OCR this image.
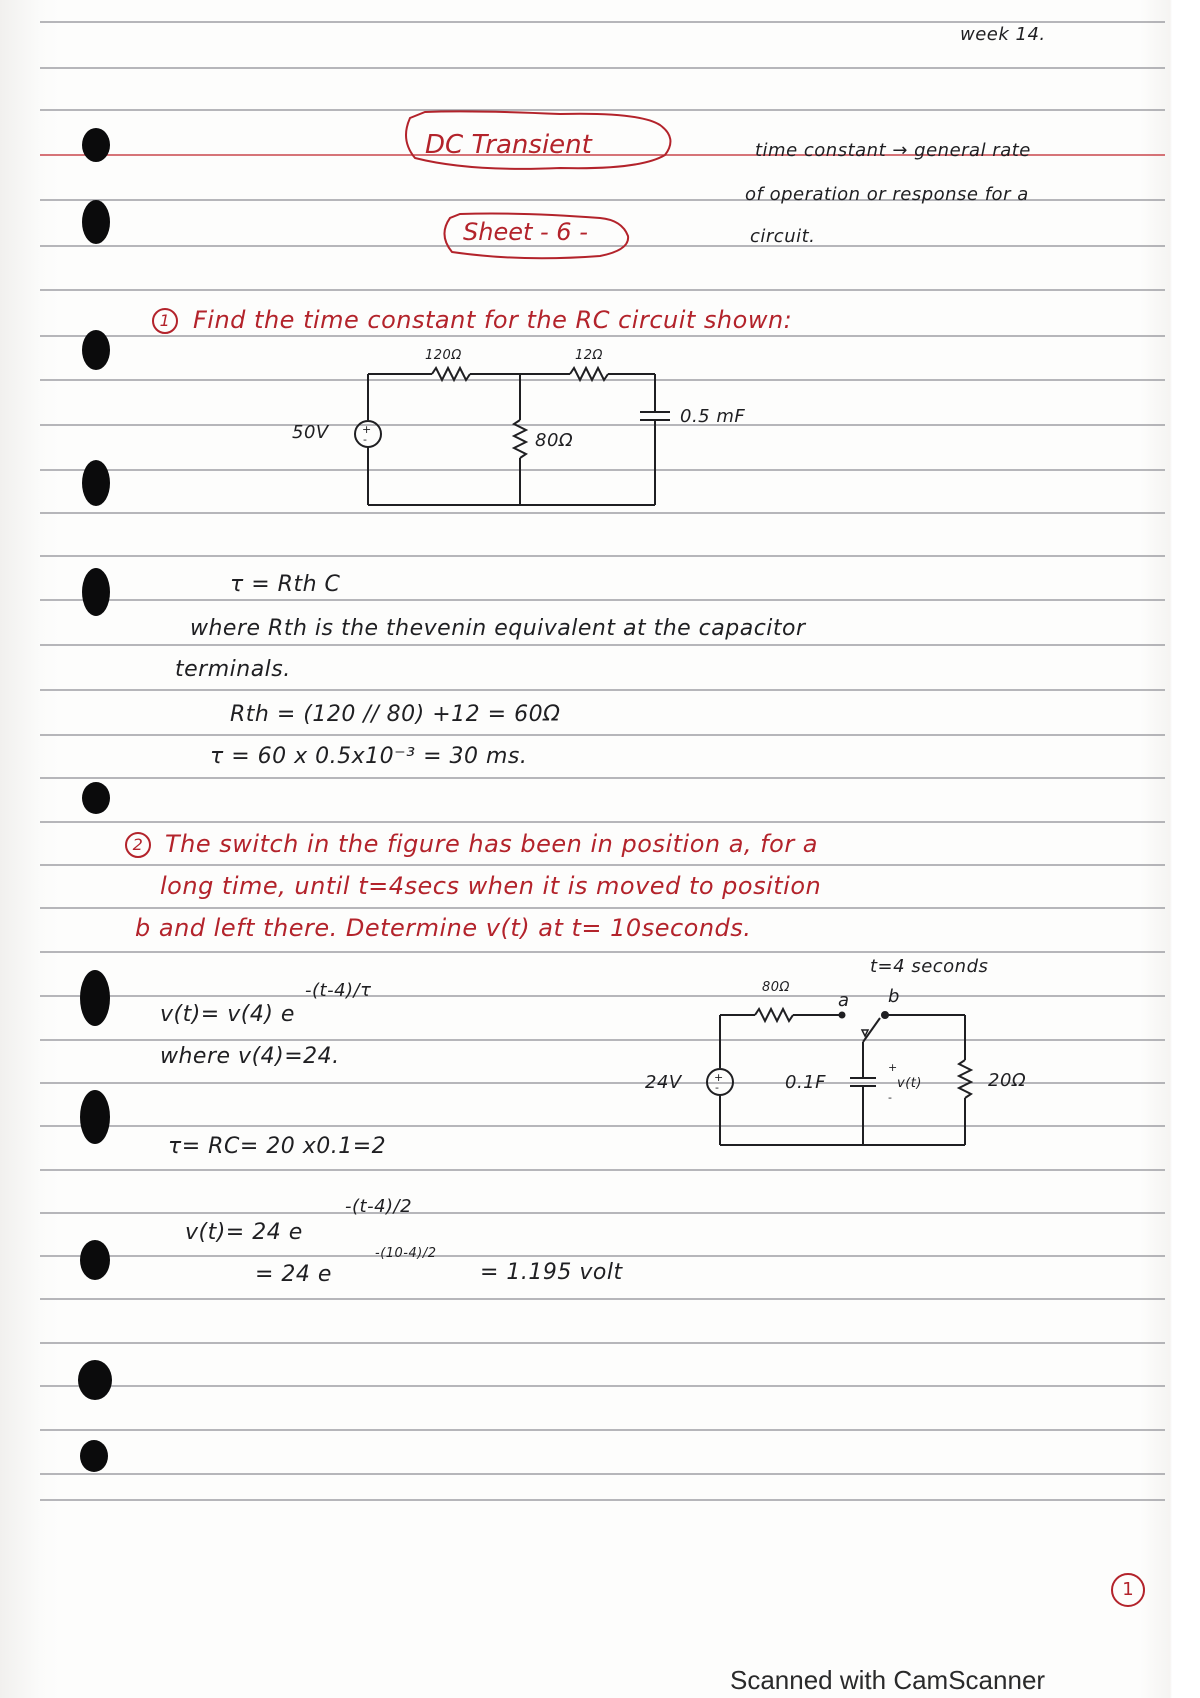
week 14.
DC Transient
Sheet - 6 -
time constant → general rate
of operation or response for a
circuit.
1 Find the time constant for the RC circuit shown:
+
-
120Ω	12Ω
50V	80Ω
0.5 mF
τ = Rth C
where Rth is the thevenin equivalent at the capacitor
terminals.
Rth = (120 // 80) +12 = 60Ω
τ = 60 x 0.5x10⁻³ = 30 ms.
2 The switch in the figure has been in position a, for a
long time, until t=4secs when it is moved to position
b and left there. Determine v(t) at t= 10seconds.
+
-
+
-
t=4 seconds
80Ω
a b
24V	0.1F	v(t)	20Ω
v(t)= v(4) e
-(t-4)/τ
where v(4)=24.
τ= RC= 20 x0.1=2
-(t-4)/2
v(t)= 24 e
-(10-4)/2
= 24 e	= 1.195 volt
1
Scanned with CamScanner
